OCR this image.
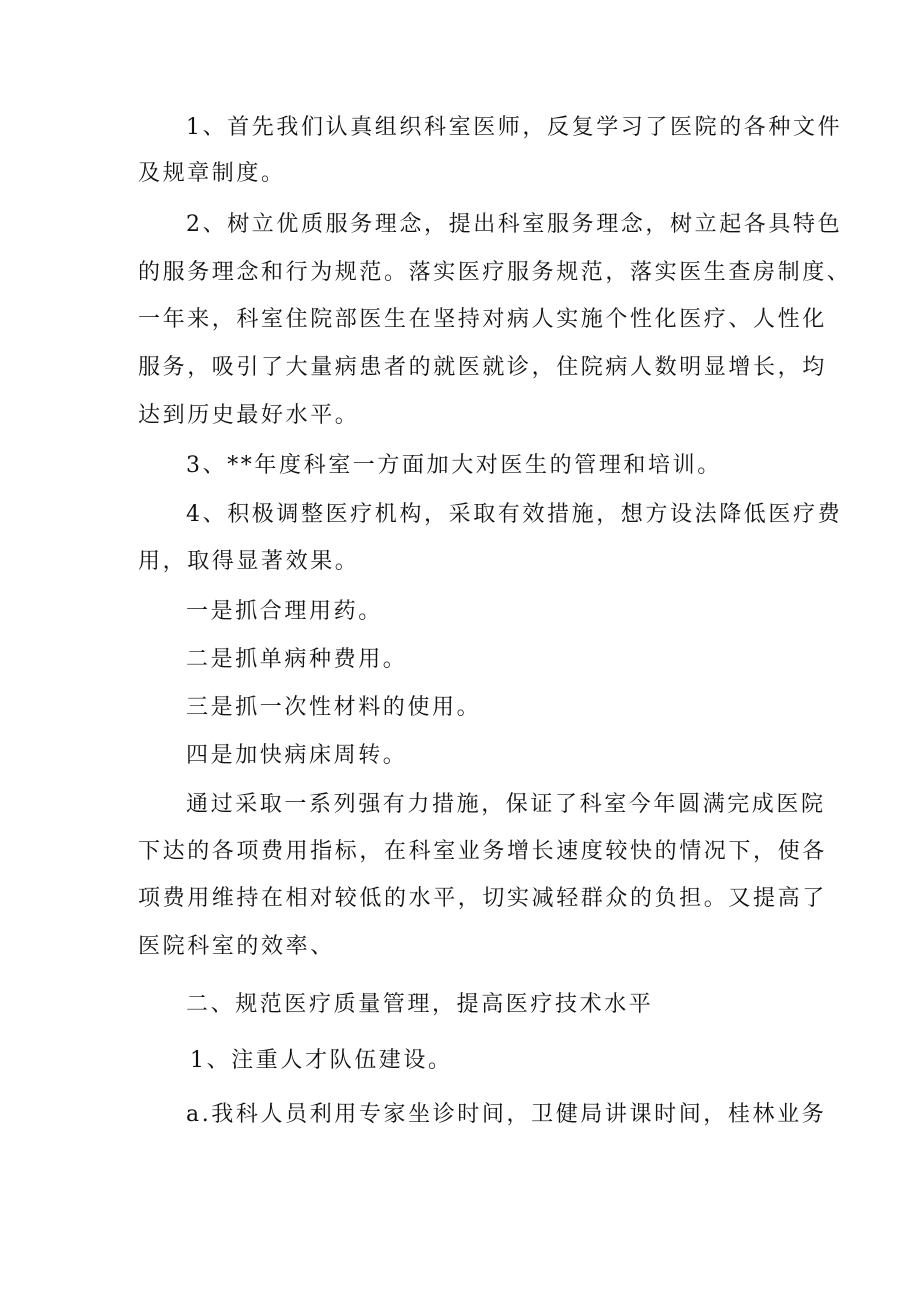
1、首先我们认真组织科室医师，反复学习了医院的各种文件
及规章制度。
2、树立优质服务理念，提出科室服务理念，树立起各具特色
的服务理念和行为规范。落实医疗服务规范，落实医生查房制度、
一年来，科室住院部医生在坚持对病人实施个性化医疗、人性化
服务，吸引了大量病患者的就医就诊，住院病人数明显增长，均
达到历史最好水平。
3、**年度科室一方面加大对医生的管理和培训。
4、积极调整医疗机构，采取有效措施，想方设法降低医疗费
用，取得显著效果。
一是抓合理用药。
二是抓单病种费用。
三是抓一次性材料的使用。
四是加快病床周转。
通过采取一系列强有力措施，保证了科室今年圆满完成医院
下达的各项费用指标，在科室业务增长速度较快的情况下，使各
项费用维持在相对较低的水平，切实减轻群众的负担。又提高了
医院科室的效率、
二、规范医疗质量管理，提高医疗技术水平
1、注重人才队伍建设。
a.我科人员利用专家坐诊时间，卫健局讲课时间，桂林业务
